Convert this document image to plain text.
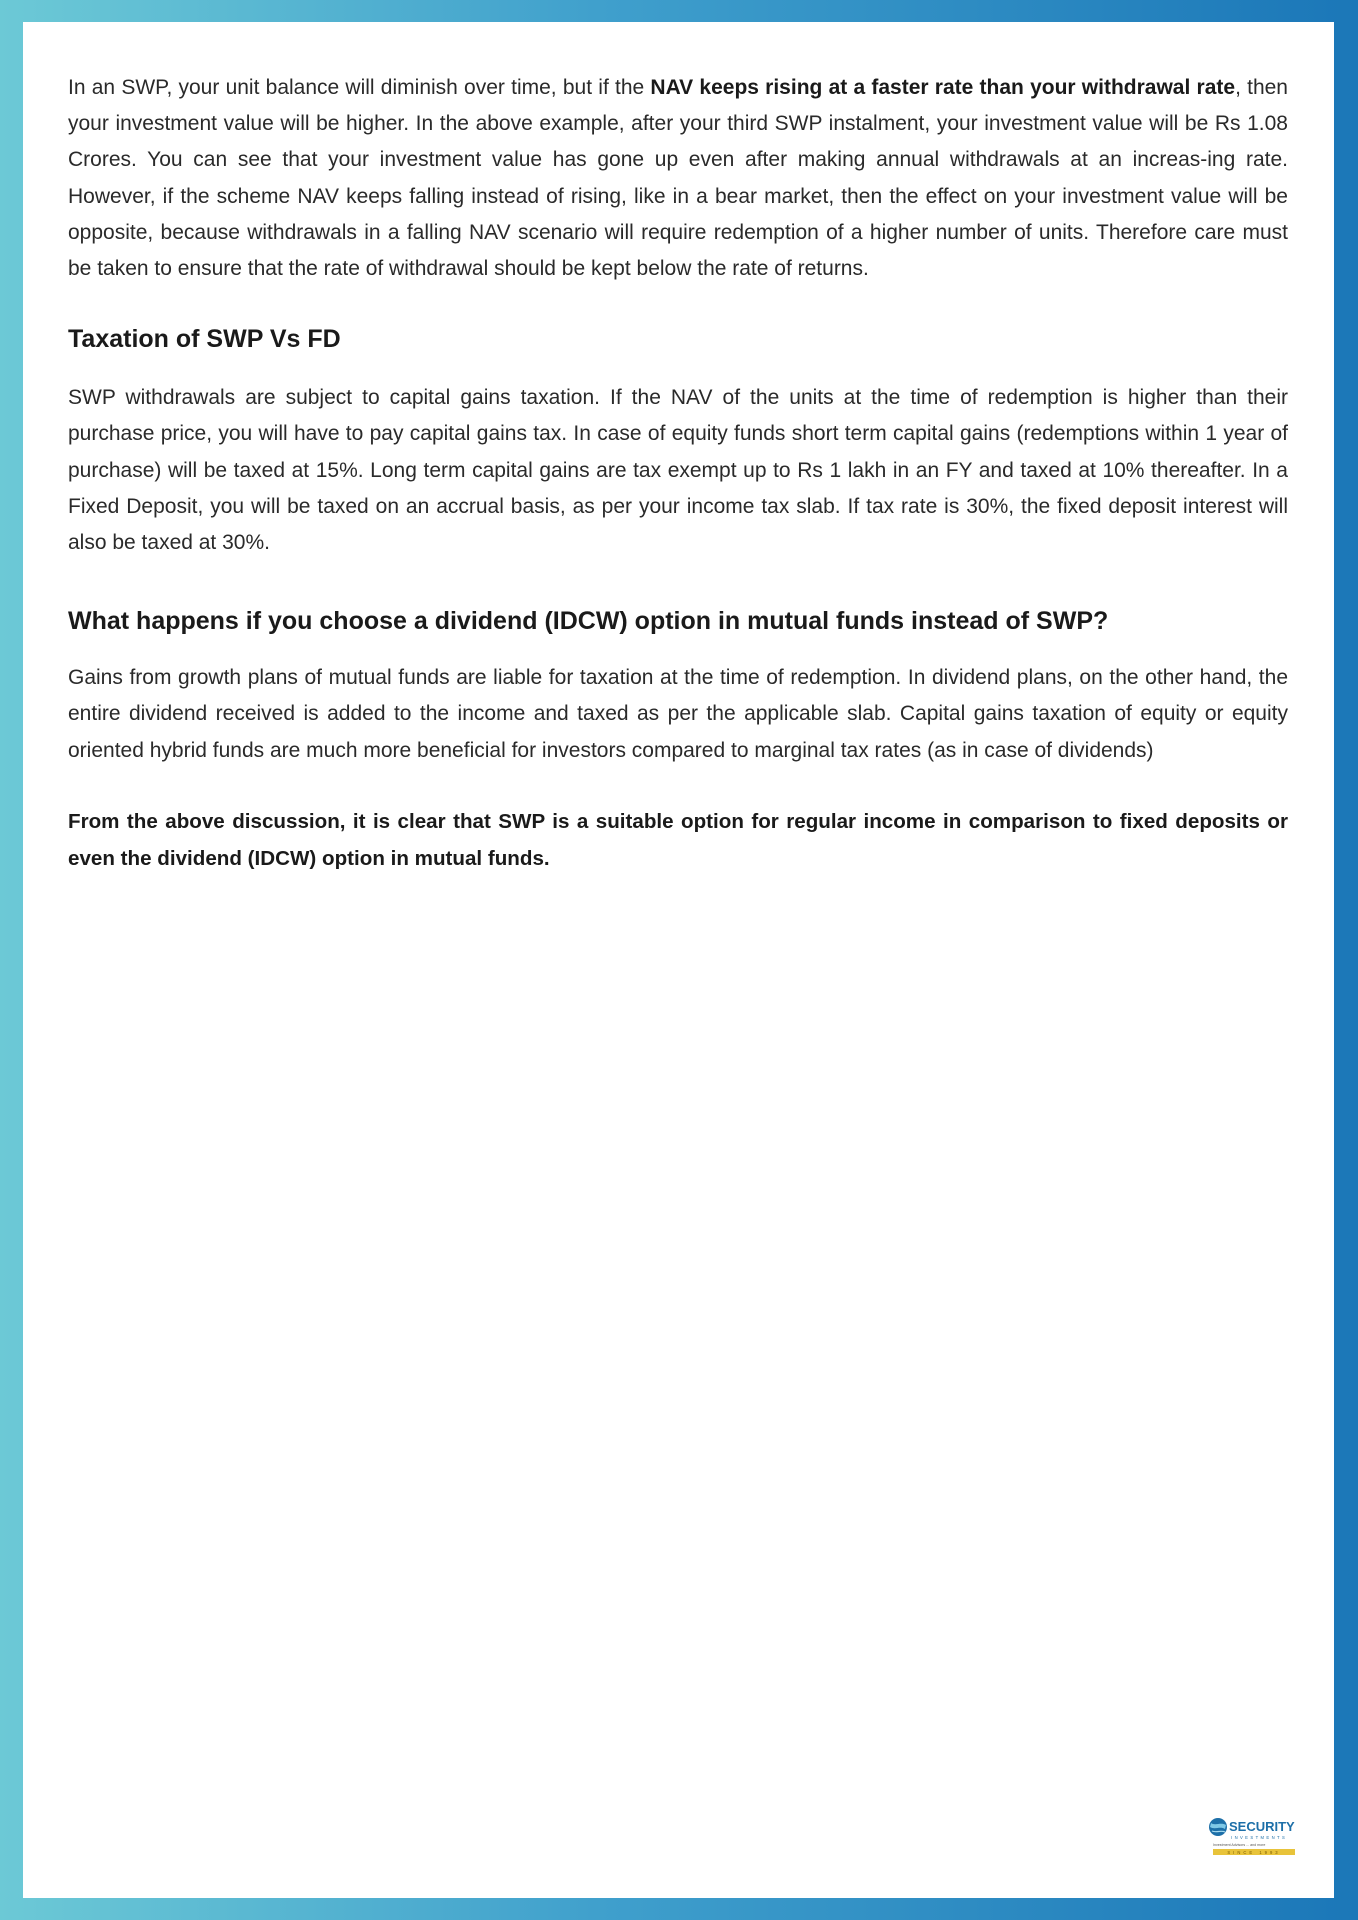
In an SWP, your unit balance will diminish over time, but if the NAV keeps rising at a faster rate than your withdrawal rate, then your investment value will be higher. In the above example, after your third SWP instalment, your investment value will be Rs 1.08 Crores. You can see that your investment value has gone up even after making annual withdrawals at an increas-ing rate. However, if the scheme NAV keeps falling instead of rising, like in a bear market, then the effect on your investment value will be opposite, because withdrawals in a falling NAV scenario will require redemption of a higher number of units. Therefore care must be taken to ensure that the rate of withdrawal should be kept below the rate of returns.

Taxation of SWP Vs FD

SWP withdrawals are subject to capital gains taxation. If the NAV of the units at the time of redemption is higher than their purchase price, you will have to pay capital gains tax. In case of equity funds short term capital gains (redemptions within 1 year of purchase) will be taxed at 15%. Long term capital gains are tax exempt up to Rs 1 lakh in an FY and taxed at 10% thereafter. In a Fixed Deposit, you will be taxed on an accrual basis, as per your income tax slab. If tax rate is 30%, the fixed deposit interest will also be taxed at 30%.

What happens if you choose a dividend (IDCW) option in mutual funds instead of SWP?

Gains from growth plans of mutual funds are liable for taxation at the time of redemption. In dividend plans, on the other hand, the entire dividend received is added to the income and taxed as per the applicable slab. Capital gains taxation of equity or equity oriented hybrid funds are much more beneficial for investors compared to marginal tax rates (as in case of dividends)

From the above discussion, it is clear that SWP is a suitable option for regular income in comparison to fixed deposits or even the dividend (IDCW) option in mutual funds.

SECURITY
INVESTMENTS
Investment Advisors ... and more
SINCE 1993
